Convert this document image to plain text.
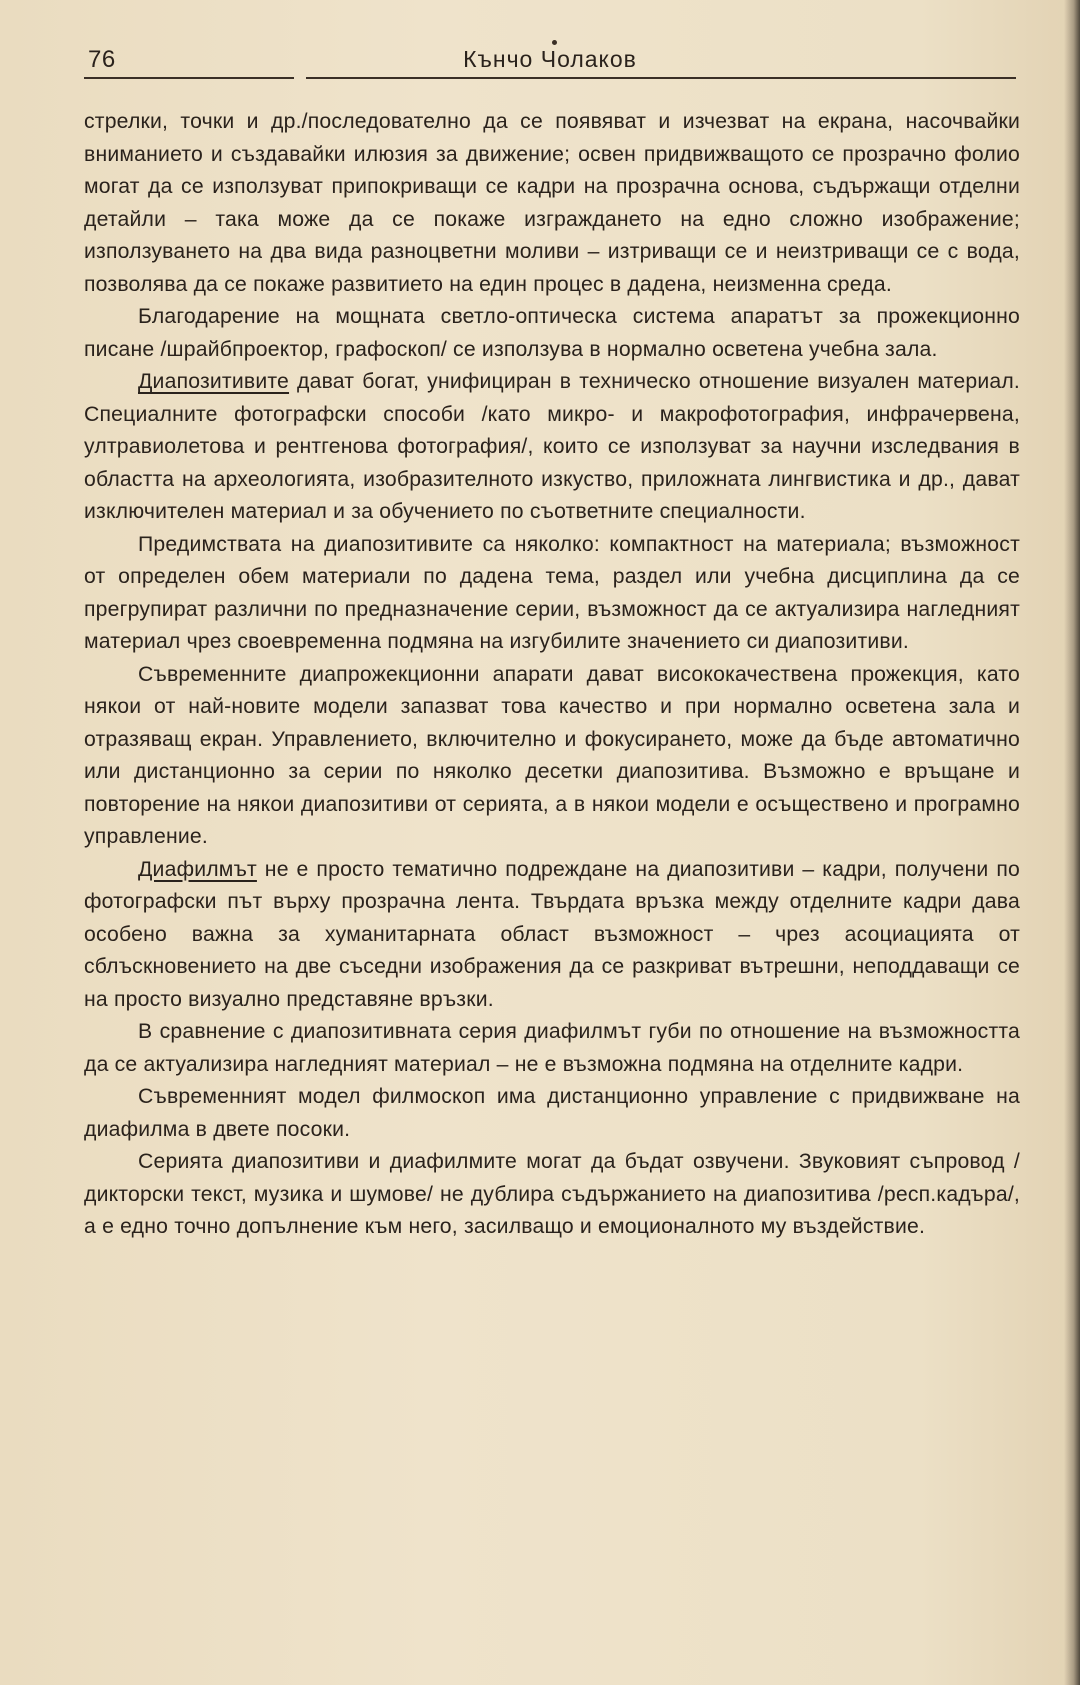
76	Кънчо Чолаков

стрелки, точки и др./последователно да се появяват и изчезват на екрана, насочвайки вниманието и създавайки илюзия за движение; освен придвижващото се прозрачно фолио могат да се използуват припокриващи се кадри на прозрачна основа, съдържащи отделни детайли – така може да се покаже изграждането на едно сложно изображение; използуването на два вида разноцветни моливи – изтриващи се и неизтриващи се с вода, позволява да се покаже развитието на един процес в дадена, неизменна среда.

Благодарение на мощната светло-оптическа система апаратът за прожекционно писане /шрайбпроектор, графоскоп/ се използува в нормално осветена учебна зала.

Диапозитивите дават богат, унифициран в техническо отношение визуален материал. Специалните фотографски способи /като микро- и макрофотография, инфрачервена, ултравиолетова и рентгенова фотография/, които се използуват за научни изследвания в областта на археологията, изобразителното изкуство, приложната лингвистика и др., дават изключителен материал и за обучението по съответните специалности.

Предимствата на диапозитивите са няколко: компактност на материала; възможност от определен обем материали по дадена тема, раздел или учебна дисциплина да се прегрупират различни по предназначение серии, възможност да се актуализира нагледният материал чрез своевременна подмяна на изгубилите значението си диапозитиви.

Съвременните диапрожекционни апарати дават висококачествена прожекция, като някои от най-новите модели запазват това качество и при нормално осветена зала и отразяващ екран. Управлението, включително и фокусирането, може да бъде автоматично или дистанционно за серии по няколко десетки диапозитива. Възможно е връщане и повторение на някои диапозитиви от серията, а в някои модели е осъществено и програмно управление.

Диафилмът не е просто тематично подреждане на диапозитиви – кадри, получени по фотографски път върху прозрачна лента. Твърдата връзка между отделните кадри дава особено важна за хуманитарната област възможност – чрез асоциацията от сблъскновението на две съседни изображения да се разкриват вътрешни, неподдаващи се на просто визуално представяне връзки.

В сравнение с диапозитивната серия диафилмът губи по отношение на възможността да се актуализира нагледният материал – не е възможна подмяна на отделните кадри.

Съвременният модел филмоскоп има дистанционно управление с придвижване на диафилма в двете посоки.

Серията диапозитиви и диафилмите могат да бъдат озвучени. Звуковият съпровод /дикторски текст, музика и шумове/ не дублира съдържанието на диапозитива /респ.кадъра/, а е едно точно допълнение към него, засилващо и емоционалното му въздействие.
